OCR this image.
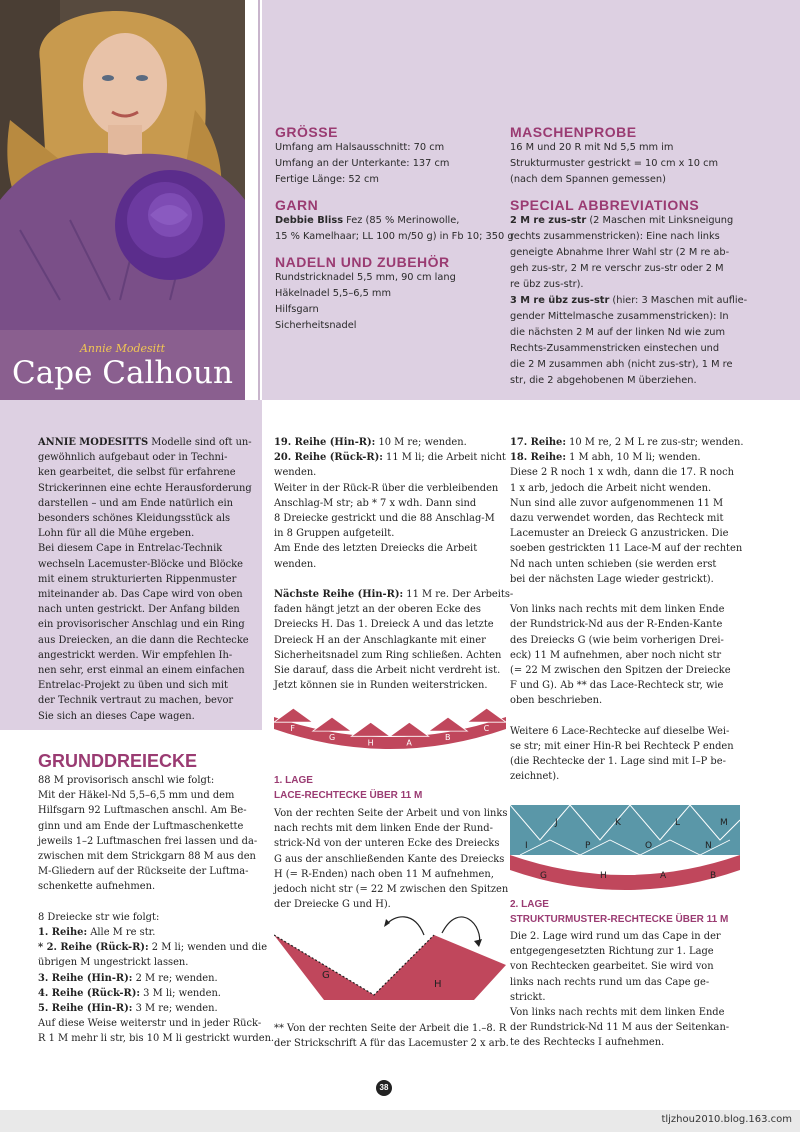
Annie Modesitt
Cape Calhoun
GRÖSSE
Umfang am Halsausschnitt: 70 cm
Umfang an der Unterkante: 137 cm
Fertige Länge: 52 cm
GARN
Debbie Bliss Fez (85 % Merinowolle,
15 % Kamelhaar; LL 100 m/50 g) in Fb 10; 350 g
NADELN UND ZUBEHÖR
Rundstricknadel 5,5 mm, 90 cm lang
Häkelnadel 5,5–6,5 mm
Hilfsgarn
Sicherheitsnadel
MASCHENPROBE
16 M und 20 R mit Nd 5,5 mm im
Strukturmuster gestrickt = 10 cm x 10 cm
(nach dem Spannen gemessen)
SPECIAL ABBREVIATIONS
2 M re zus-str (2 Maschen mit Linksneigung
rechts zusammenstricken): Eine nach links
geneigte Abnahme Ihrer Wahl str (2 M re ab-
geh zus-str, 2 M re verschr zus-str oder 2 M
re übz zus-str).
3 M re übz zus-str (hier: 3 Maschen mit auflie-
gender Mittelmasche zusammenstricken): In
die nächsten 2 M auf der linken Nd wie zum
Rechts-Zusammenstricken einstechen und
die 2 M zusammen abh (nicht zus-str), 1 M re
str, die 2 abgehobenen M überziehen.
ANNIE MODESITTS Modelle sind oft un-
gewöhnlich aufgebaut oder in Techni-
ken gearbeitet, die selbst für erfahrene
Strickerinnen eine echte Herausforderung
darstellen – und am Ende natürlich ein
besonders schönes Kleidungsstück als
Lohn für all die Mühe ergeben.
Bei diesem Cape in Entrelac-Technik
wechseln Lacemuster-Blöcke und Blöcke
mit einem strukturierten Rippenmuster
miteinander ab. Das Cape wird von oben
nach unten gestrickt. Der Anfang bilden
ein provisorischer Anschlag und ein Ring
aus Dreiecken, an die dann die Rechtecke
angestrickt werden. Wir empfehlen Ih-
nen sehr, erst einmal an einem einfachen
Entrelac-Projekt zu üben und sich mit
der Technik vertraut zu machen, bevor
Sie sich an dieses Cape wagen.
GRUNDDREIECKE
88 M provisorisch anschl wie folgt:
Mit der Häkel-Nd 5,5–6,5 mm und dem
Hilfsgarn 92 Luftmaschen anschl. Am Be-
ginn und am Ende der Luftmaschenkette
jeweils 1–2 Luftmaschen frei lassen und da-
zwischen mit dem Strickgarn 88 M aus den
M-Gliedern auf der Rückseite der Luftma-
schenkette aufnehmen.

8 Dreiecke str wie folgt:
1. Reihe: Alle M re str.
* 2. Reihe (Rück-R): 2 M li; wenden und die
übrigen M ungestrickt lassen.
3. Reihe (Hin-R): 2 M re; wenden.
4. Reihe (Rück-R): 3 M li; wenden.
5. Reihe (Hin-R): 3 M re; wenden.
Auf diese Weise weiterstr und in jeder Rück-
R 1 M mehr li str, bis 10 M li gestrickt wurden.
19. Reihe (Hin-R): 10 M re; wenden.
20. Reihe (Rück-R): 11 M li; die Arbeit nicht
wenden.
Weiter in der Rück-R über die verbleibenden
Anschlag-M str; ab * 7 x wdh. Dann sind
8 Dreiecke gestrickt und die 88 Anschlag-M
in 8 Gruppen aufgeteilt.
Am Ende des letzten Dreiecks die Arbeit
wenden.

Nächste Reihe (Hin-R): 11 M re. Der Arbeits-
faden hängt jetzt an der oberen Ecke des
Dreiecks H. Das 1. Dreieck A und das letzte
Dreieck H an der Anschlagkante mit einer
Sicherheitsnadel zum Ring schließen. Achten
Sie darauf, dass die Arbeit nicht verdreht ist.
Jetzt können sie in Runden weiterstricken.
F
G
H	A
B
C
1. LAGE
LACE-RECHTECKE ÜBER 11 M
Von der rechten Seite der Arbeit und von links
nach rechts mit dem linken Ende der Rund-
strick-Nd von der unteren Ecke des Dreiecks
G aus der anschließenden Kante des Dreiecks
H (= R-Enden) nach oben 11 M aufnehmen,
jedoch nicht str (= 22 M zwischen den Spitzen
der Dreiecke G und H).
G
H
** Von der rechten Seite der Arbeit die 1.–8. R
der Strickschrift A für das Lacemuster 2 x arb.
17. Reihe: 10 M re, 2 M L re zus-str; wenden.
18. Reihe: 1 M abh, 10 M li; wenden.
Diese 2 R noch 1 x wdh, dann die 17. R noch
1 x arb, jedoch die Arbeit nicht wenden.
Nun sind alle zuvor aufgenommenen 11 M
dazu verwendet worden, das Rechteck mit
Lacemuster an Dreieck G anzustricken. Die
soeben gestrickten 11 Lace-M auf der rechten
Nd nach unten schieben (sie werden erst
bei der nächsten Lage wieder gestrickt).

Von links nach rechts mit dem linken Ende
der Rundstrick-Nd aus der R-Enden-Kante
des Dreiecks G (wie beim vorherigen Drei-
eck) 11 M aufnehmen, aber noch nicht str
(= 22 M zwischen den Spitzen der Dreiecke
F und G). Ab ** das Lace-Rechteck str, wie
oben beschrieben.

Weitere 6 Lace-Rechtecke auf dieselbe Wei-
se str; mit einer Hin-R bei Rechteck P enden
(die Rechtecke der 1. Lage sind mit I–P be-
zeichnet).
J	K	L	M
I	P	O	N
G	H	A	B
2. LAGE
STRUKTURMUSTER-RECHTECKE ÜBER 11 M
Die 2. Lage wird rund um das Cape in der
entgegengesetzten Richtung zur 1. Lage
von Rechtecken gearbeitet. Sie wird von
links nach rechts rund um das Cape ge-
strickt.
Von links nach rechts mit dem linken Ende
der Rundstrick-Nd 11 M aus der Seitenkan-
te des Rechtecks I aufnehmen.
38
tljzhou2010.blog.163.com
